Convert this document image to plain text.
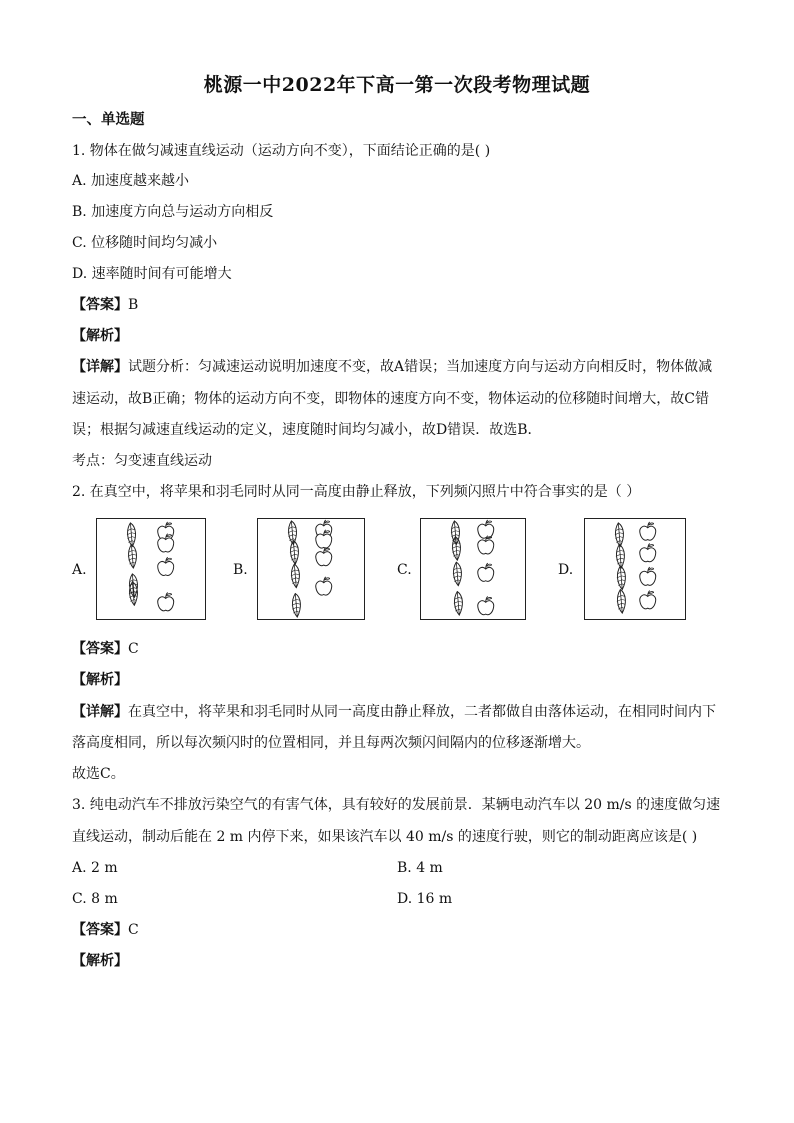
桃源一中2022年下高一第一次段考物理试题
一、单选题
1. 物体在做匀减速直线运动（运动方向不变），下面结论正确的是( )
A. 加速度越来越小
B. 加速度方向总与运动方向相反
C. 位移随时间均匀减小
D. 速率随时间有可能增大
【答案】B
【解析】
【详解】试题分析：匀减速运动说明加速度不变，故A错误；当加速度方向与运动方向相反时，物体做减
速运动，故B正确；物体的运动方向不变，即物体的速度方向不变，物体运动的位移随时间增大，故C错
误；根据匀减速直线运动的定义，速度随时间均匀减小，故D错误．故选B．
考点：匀变速直线运动
2. 在真空中，将苹果和羽毛同时从同一高度由静止释放，下列频闪照片中符合事实的是（ ）
A.	B.	C.	D.
【答案】C
【解析】
【详解】在真空中，将苹果和羽毛同时从同一高度由静止释放，二者都做自由落体运动，在相同时间内下
落高度相同，所以每次频闪时的位置相同，并且每两次频闪间隔内的位移逐渐增大。
故选C。
3. 纯电动汽车不排放污染空气的有害气体，具有较好的发展前景．某辆电动汽车以 20 m/s 的速度做匀速
直线运动，制动后能在 2 m 内停下来，如果该汽车以 40 m/s 的速度行驶，则它的制动距离应该是( )
A. 2 m	B. 4 m
C. 8 m	D. 16 m
【答案】C
【解析】
